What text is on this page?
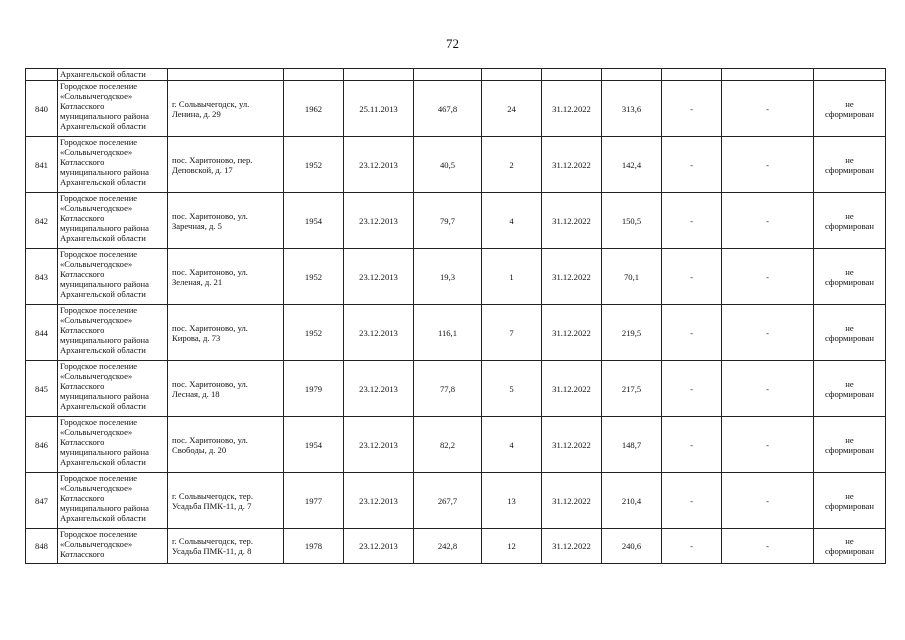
72
	Архангельской области										
840	Городское поселение
«Сольвычегодское»
Котласского
муниципального района
Архангельской области	г. Сольвычегодск, ул.
Ленина, д. 29	1962	25.11.2013	467,8	24	31.12.2022	313,6	-	-	не
сформирован
841	Городское поселение
«Сольвычегодское»
Котласского
муниципального района
Архангельской области	пос. Харитоново, пер.
Деповской, д. 17	1952	23.12.2013	40,5	2	31.12.2022	142,4	-	-	не
сформирован
842	Городское поселение
«Сольвычегодское»
Котласского
муниципального района
Архангельской области	пос. Харитоново, ул.
Заречная, д. 5	1954	23.12.2013	79,7	4	31.12.2022	150,5	-	-	не
сформирован
843	Городское поселение
«Сольвычегодское»
Котласского
муниципального района
Архангельской области	пос. Харитоново, ул.
Зеленая, д. 21	1952	23.12.2013	19,3	1	31.12.2022	70,1	-	-	не
сформирован
844	Городское поселение
«Сольвычегодское»
Котласского
муниципального района
Архангельской области	пос. Харитоново, ул.
Кирова, д. 73	1952	23.12.2013	116,1	7	31.12.2022	219,5	-	-	не
сформирован
845	Городское поселение
«Сольвычегодское»
Котласского
муниципального района
Архангельской области	пос. Харитоново, ул.
Лесная, д. 18	1979	23.12.2013	77,8	5	31.12.2022	217,5	-	-	не
сформирован
846	Городское поселение
«Сольвычегодское»
Котласского
муниципального района
Архангельской области	пос. Харитоново, ул.
Свободы, д. 20	1954	23.12.2013	82,2	4	31.12.2022	148,7	-	-	не
сформирован
847	Городское поселение
«Сольвычегодское»
Котласского
муниципального района
Архангельской области	г. Сольвычегодск, тер.
Усадьба ПМК-11, д. 7	1977	23.12.2013	267,7	13	31.12.2022	210,4	-	-	не
сформирован
848	Городское поселение
«Сольвычегодское»
Котласского	г. Сольвычегодск, тер.
Усадьба ПМК-11, д. 8	1978	23.12.2013	242,8	12	31.12.2022	240,6	-	-	не
сформирован
